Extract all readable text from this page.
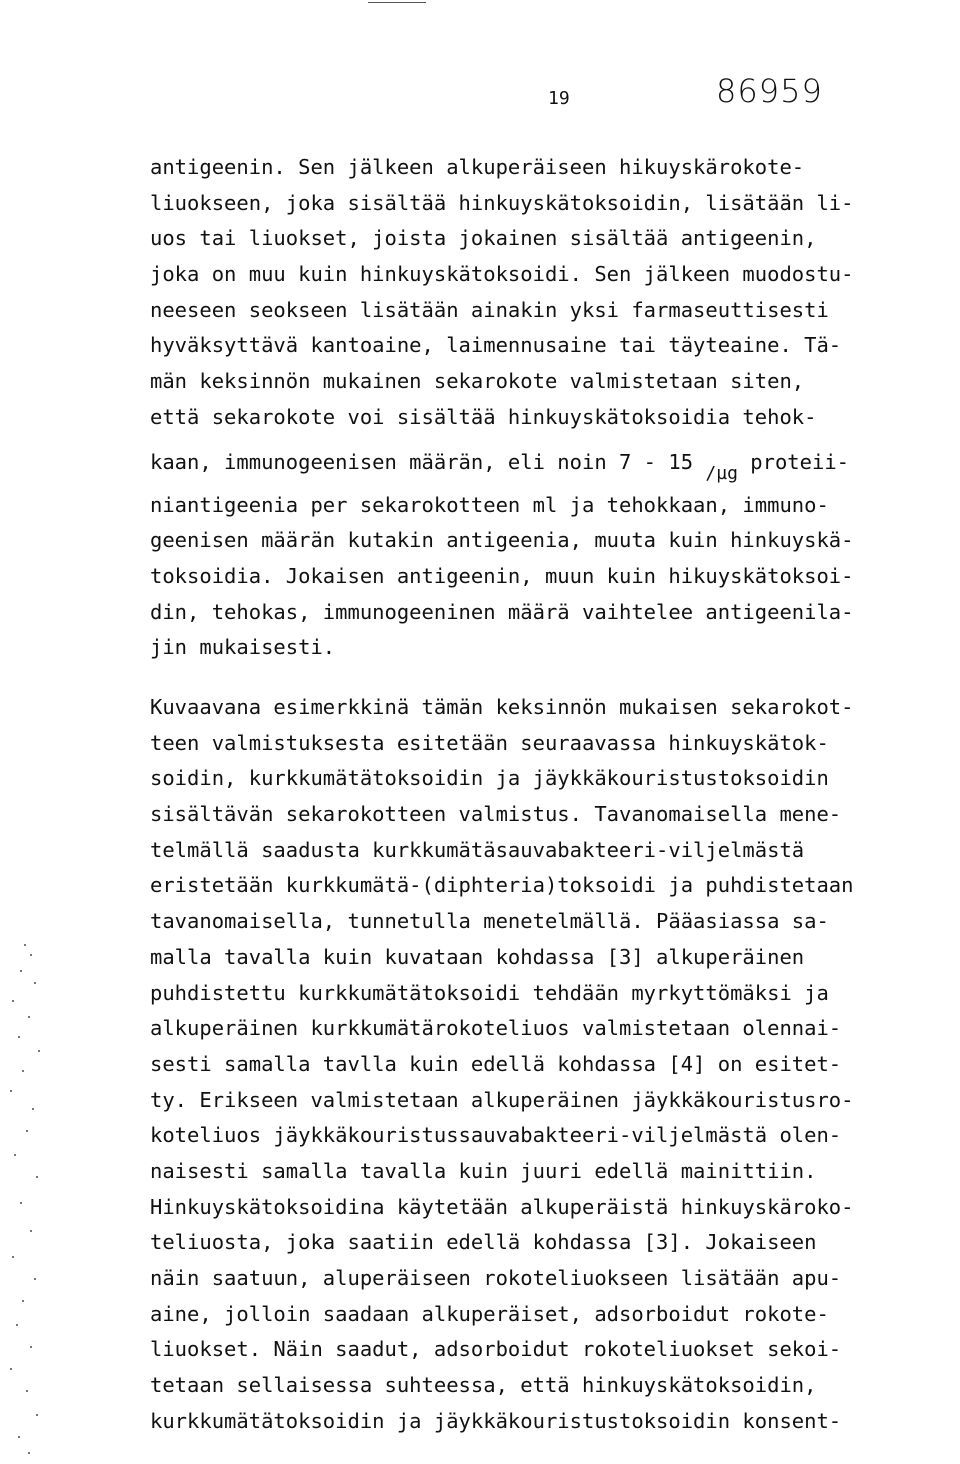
19	86959
antigeenin. Sen jälkeen alkuperäiseen hikuyskärokote-
liuokseen, joka sisältää hinkuyskätoksoidin, lisätään li-
uos tai liuokset, joista jokainen sisältää antigeenin,
joka on muu kuin hinkuyskätoksoidi. Sen jälkeen muodostu-
neeseen seokseen lisätään ainakin yksi farmaseuttisesti
hyväksyttävä kantoaine, laimennusaine tai täyteaine. Tä-
män keksinnön mukainen sekarokote valmistetaan siten,
että sekarokote voi sisältää hinkuyskätoksoidia tehok-
kaan, immunogeenisen määrän, eli noin 7 - 15 /µg proteii-
niantigeenia per sekarokotteen ml ja tehokkaan, immuno-
geenisen määrän kutakin antigeenia, muuta kuin hinkuyskä-
toksoidia. Jokaisen antigeenin, muun kuin hikuyskätoksoi-
din, tehokas, immunogeeninen määrä vaihtelee antigeenila-
jin mukaisesti.
Kuvaavana esimerkkinä tämän keksinnön mukaisen sekarokot-
teen valmistuksesta esitetään seuraavassa hinkuyskätok-
soidin, kurkkumätätoksoidin ja jäykkäkouristustoksoidin
sisältävän sekarokotteen valmistus. Tavanomaisella mene-
telmällä saadusta kurkkumätäsauvabakteeri-viljelmästä
eristetään kurkkumätä-(diphteria)toksoidi ja puhdistetaan
tavanomaisella, tunnetulla menetelmällä. Pääasiassa sa-
malla tavalla kuin kuvataan kohdassa [3] alkuperäinen
puhdistettu kurkkumätätoksoidi tehdään myrkyttömäksi ja
alkuperäinen kurkkumätärokoteliuos valmistetaan olennai-
sesti samalla tavlla kuin edellä kohdassa [4] on esitet-
ty. Erikseen valmistetaan alkuperäinen jäykkäkouristusro-
koteliuos jäykkäkouristussauvabakteeri-viljelmästä olen-
naisesti samalla tavalla kuin juuri edellä mainittiin.
Hinkuyskätoksoidina käytetään alkuperäistä hinkuyskäroko-
teliuosta, joka saatiin edellä kohdassa [3]. Jokaiseen
näin saatuun, aluperäiseen rokoteliuokseen lisätään apu-
aine, jolloin saadaan alkuperäiset, adsorboidut rokote-
liuokset. Näin saadut, adsorboidut rokoteliuokset sekoi-
tetaan sellaisessa suhteessa, että hinkuyskätoksoidin,
kurkkumätätoksoidin ja jäykkäkouristustoksoidin konsent-
